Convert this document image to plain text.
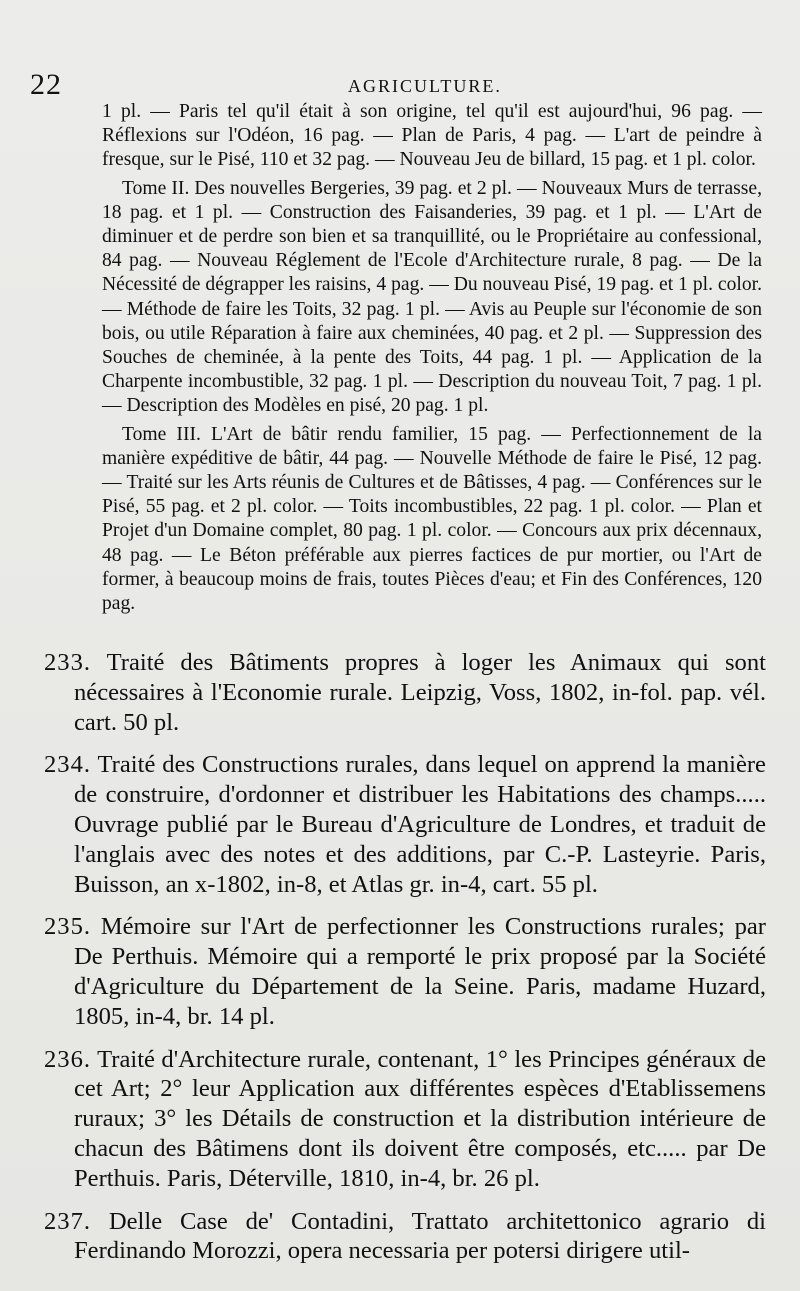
22	AGRICULTURE.

1 pl. — Paris tel qu'il était à son origine, tel qu'il est aujourd'hui, 96 pag. — Réflexions sur l'Odéon, 16 pag. — Plan de Paris, 4 pag. — L'art de peindre à fresque, sur le Pisé, 110 et 32 pag. — Nouveau Jeu de billard, 15 pag. et 1 pl. color.

Tome II. Des nouvelles Bergeries, 39 pag. et 2 pl. — Nouveaux Murs de terrasse, 18 pag. et 1 pl. — Construction des Faisanderies, 39 pag. et 1 pl. — L'Art de diminuer et de perdre son bien et sa tranquillité, ou le Propriétaire au confessional, 84 pag. — Nouveau Réglement de l'Ecole d'Architecture rurale, 8 pag. — De la Nécessité de dégrapper les raisins, 4 pag. — Du nouveau Pisé, 19 pag. et 1 pl. color. — Méthode de faire les Toits, 32 pag. 1 pl. — Avis au Peuple sur l'économie de son bois, ou utile Réparation à faire aux cheminées, 40 pag. et 2 pl. — Suppression des Souches de cheminée, à la pente des Toits, 44 pag. 1 pl. — Application de la Charpente incombustible, 32 pag. 1 pl. — Description du nouveau Toit, 7 pag. 1 pl. — Description des Modèles en pisé, 20 pag. 1 pl.

Tome III. L'Art de bâtir rendu familier, 15 pag. — Perfectionnement de la manière expéditive de bâtir, 44 pag. — Nouvelle Méthode de faire le Pisé, 12 pag. — Traité sur les Arts réunis de Cultures et de Bâtisses, 4 pag. — Conférences sur le Pisé, 55 pag. et 2 pl. color. — Toits incombustibles, 22 pag. 1 pl. color. — Plan et Projet d'un Domaine complet, 80 pag. 1 pl. color. — Concours aux prix décennaux, 48 pag. — Le Béton préférable aux pierres factices de pur mortier, ou l'Art de former, à beaucoup moins de frais, toutes Pièces d'eau; et Fin des Conférences, 120 pag.

233. Traité des Bâtiments propres à loger les Animaux qui sont nécessaires à l'Economie rurale. Leipzig, Voss, 1802, in-fol. pap. vél. cart. 50 pl.

234. Traité des Constructions rurales, dans lequel on apprend la manière de construire, d'ordonner et distribuer les Habitations des champs..... Ouvrage publié par le Bureau d'Agriculture de Londres, et traduit de l'anglais avec des notes et des additions, par C.-P. Lasteyrie. Paris, Buisson, an x-1802, in-8, et Atlas gr. in-4, cart. 55 pl.

235. Mémoire sur l'Art de perfectionner les Constructions rurales; par De Perthuis. Mémoire qui a remporté le prix proposé par la Société d'Agriculture du Département de la Seine. Paris, madame Huzard, 1805, in-4, br. 14 pl.

236. Traité d'Architecture rurale, contenant, 1° les Principes généraux de cet Art; 2° leur Application aux différentes espèces d'Etablissemens ruraux; 3° les Détails de construction et la distribution intérieure de chacun des Bâtimens dont ils doivent être composés, etc..... par De Perthuis. Paris, Déterville, 1810, in-4, br. 26 pl.

237. Delle Case de' Contadini, Trattato architettonico agrario di Ferdinando Morozzi, opera necessaria per potersi dirigere util-
